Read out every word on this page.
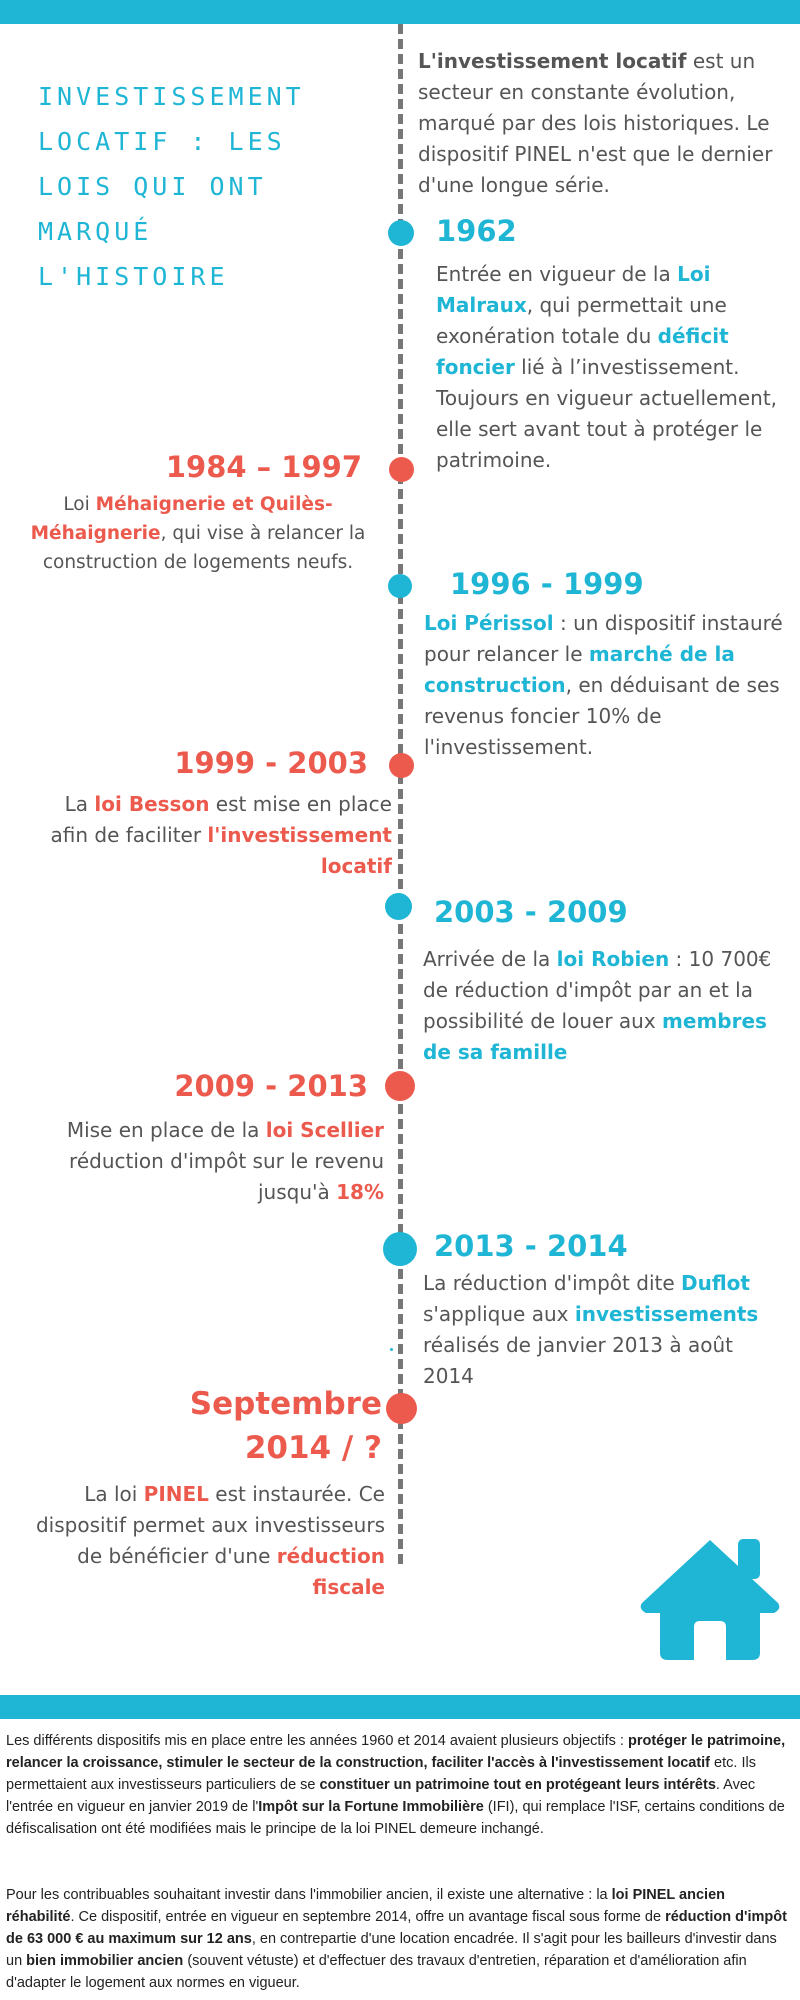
INVESTISSEMENT LOCATIF : LES LOIS QUI ONT MARQUÉ L'HISTOIRE
L'investissement locatif est un secteur en constante évolution, marqué par des lois historiques. Le dispositif PINEL n'est que le dernier d'une longue série.
1962
Entrée en vigueur de la Loi Malraux, qui permettait une exonération totale du déficit foncier lié à l’investissement. Toujours en vigueur actuellement, elle sert avant tout à protéger le patrimoine.
1984 – 1997
Loi Méhaignerie et Quilès-Méhaignerie, qui vise à relancer la construction de logements neufs.
1996 - 1999
Loi Périssol : un dispositif instauré pour relancer le marché de la construction, en déduisant de ses revenus foncier 10% de l'investissement.
1999 - 2003
La loi Besson est mise en place afin de faciliter l'investissement locatif
2003 - 2009
Arrivée de la loi Robien : 10 700€ de réduction d'impôt par an et la possibilité de louer aux membres de sa famille
2009 - 2013
Mise en place de la loi Scellier réduction d'impôt sur le revenu jusqu'à 18%
2013 - 2014
La réduction d'impôt dite Duflot s'applique aux investissements réalisés de janvier 2013 à août 2014
Septembre
2014 / ?
La loi PINEL est instaurée. Ce dispositif permet aux investisseurs de bénéficier d'une réduction fiscale

Les différents dispositifs mis en place entre les années 1960 et 2014 avaient plusieurs objectifs : protéger le patrimoine, relancer la croissance, stimuler le secteur de la construction, faciliter l'accès à l'investissement locatif etc. Ils permettaient aux investisseurs particuliers de se constituer un patrimoine tout en protégeant leurs intérêts. Avec l'entrée en vigueur en janvier 2019 de l'Impôt sur la Fortune Immobilière (IFI), qui remplace l'ISF, certains conditions de défiscalisation ont été modifiées mais le principe de la loi PINEL demeure inchangé.

Pour les contribuables souhaitant investir dans l'immobilier ancien, il existe une alternative : la loi PINEL ancien réhabilité. Ce dispositif, entrée en vigueur en septembre 2014, offre un avantage fiscal sous forme de réduction d'impôt de 63 000 € au maximum sur 12 ans, en contrepartie d'une location encadrée. Il s'agit pour les bailleurs d'investir dans un bien immobilier ancien (souvent vétuste) et d'effectuer des travaux d'entretien, réparation et d'amélioration afin d'adapter le logement aux normes en vigueur.
